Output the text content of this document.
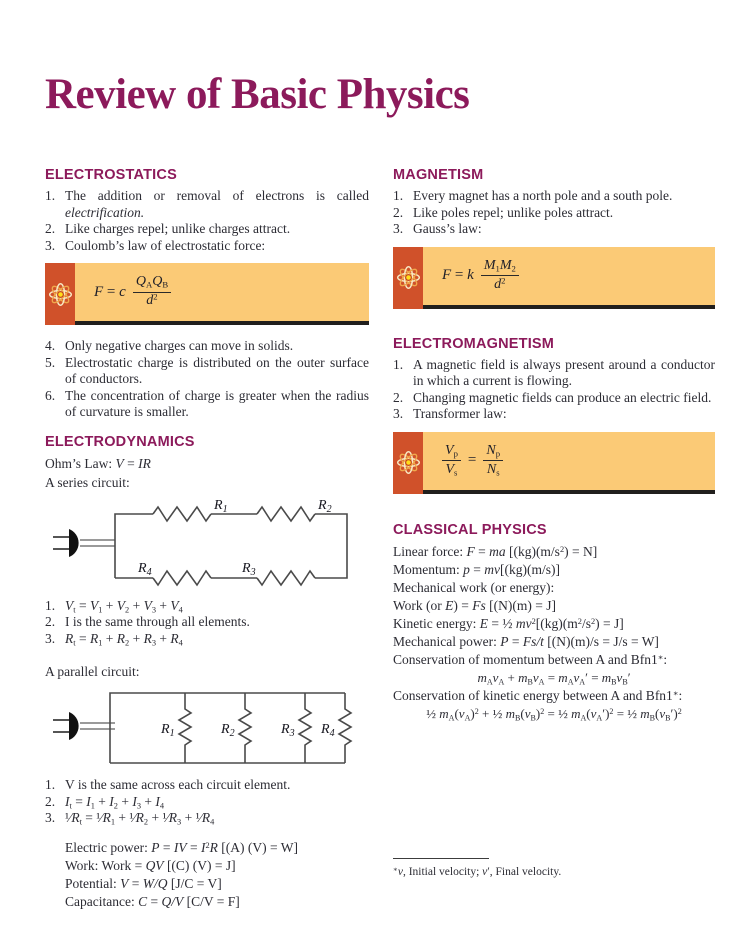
Review of Basic Physics
ELECTROSTATICS
1. The addition or removal of electrons is called electrification.
2. Like charges repel; unlike charges attract.
3. Coulomb’s law of electrostatic force:
F = c $\frac{Q_AQ_B}{d^2}$
4. Only negative charges can move in solids.
5. Electrostatic charge is distributed on the outer surface of conductors.
6. The concentration of charge is greater when the radius of curvature is smaller.
ELECTRODYNAMICS
Ohm’s Law: V = IR
A series circuit:
$R_1$	$R_2$
$R_4$	$R_3$
1. $V_t = V_1 + V_2 + V_3 + V_4$
2. I is the same through all elements.
3. $R_t = R_1 + R_2 + R_3 + R_4$
A parallel circuit:
$R_1$	$R_2$	$R_3$ $R_4$
1. V is the same across each circuit element.
2. $I_t = I_1 + I_2 + I_3 + I_4$
3. $^1⁄R_t$ = $^1⁄R_1$ + $^1⁄R_2$ + $^1⁄R_3$ + $^1⁄R_4$
Electric power: P = IV = $I^2R$ [(A) (V) = W]
Work: Work = QV [(C) (V) = J]
Potential: V = W/Q [J/C = V]
Capacitance: C = Q/V [C/V = F]
MAGNETISM
1. Every magnet has a north pole and a south pole.
2. Like poles repel; unlike poles attract.
3. Gauss’s law:
F = k $\frac{M_1M_2}{d^2}$
ELECTROMAGNETISM
1. A magnetic field is always present around a conductor in which a current is flowing.
2. Changing magnetic fields can produce an electric field.
3. Transformer law:
$\frac{V_p}{V_s} = \frac{N_p}{N_s}$
CLASSICAL PHYSICS
Linear force: F = ma $[(kg)(m/s^2) = N]$
Momentum: p = mv[(kg)(m/s)]
Mechanical work (or energy):
Work (or E) = Fs [(N)(m) = J]
Kinetic energy: E = ½ $mv^2[(kg)(m^2/s^2) = J]$
Mechanical power: P = Fs/t [(N)(m)/s = J/s = W]
Conservation of momentum between A and Bfn1∗:
$m_Av_A + m_Bv_A = m_Av_A' = m_Bv_B'$
Conservation of kinetic energy between A and Bfn1∗:
½ $m_A(v_A)^2$ + ½ $m_B(v_B)^2$ = ½ $m_A(v_A')^2$ = ½ $m_B(v_B')^2$
∗v, Initial velocity; v′, Final velocity.
